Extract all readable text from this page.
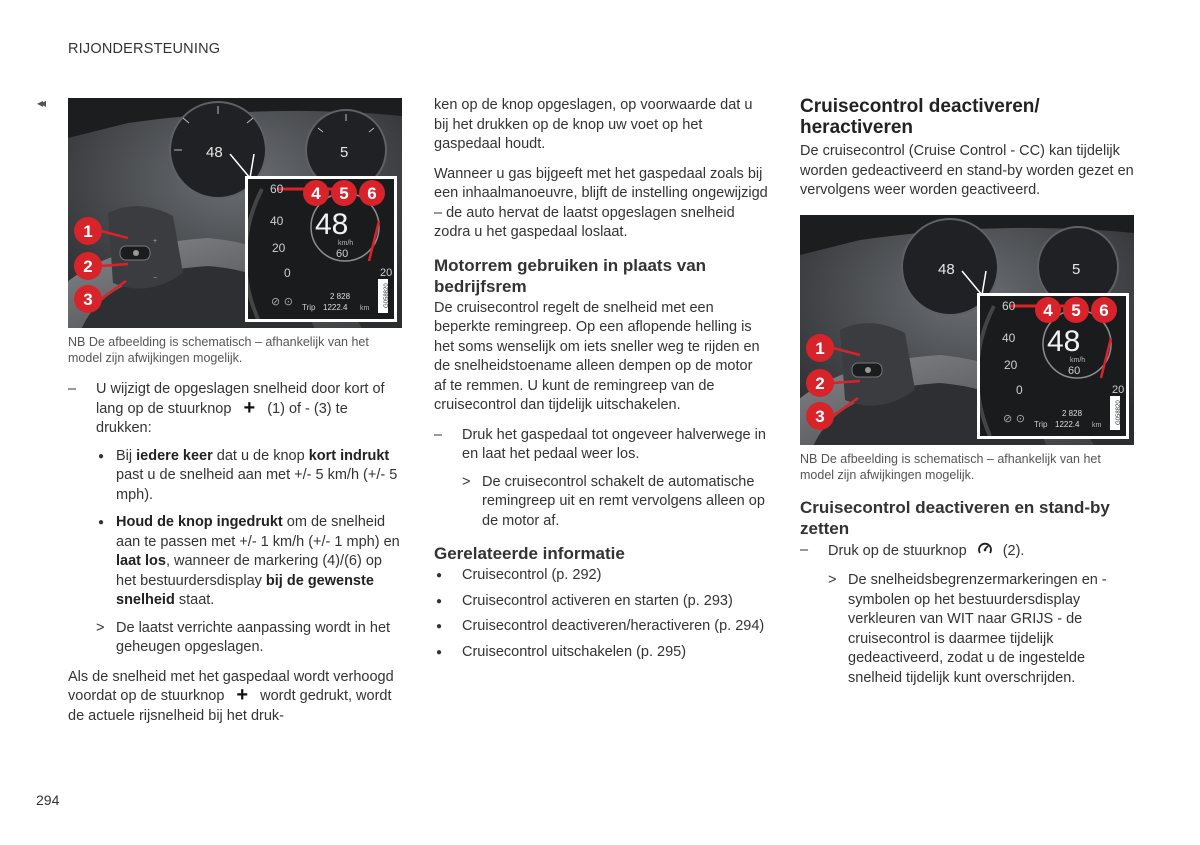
RIJONDERSTEUNING
◂◂
48	5
+
−
60
40
20
0	20
48
km/h
60
⊘ ⊙ Trip
2 828
1222.4 km
G058820
1
2
3
4 5 6
NB De afbeelding is schematisch – afhankelijk van het model zijn afwijkingen mogelijk.
– U wijzigt de opgeslagen snelheid door kort of lang op de stuurknop + (1) of - (3) te drukken:
● Bij iedere keer dat u de knop kort indrukt past u de snelheid aan met +/- 5 km/h (+/- 5 mph).
● Houd de knop ingedrukt om de snelheid aan te passen met +/- 1 km/h (+/- 1 mph) en laat los, wanneer de markering (4)/(6) op het bestuurdersdisplay bij de gewenste snelheid staat.
> De laatst verrichte aanpassing wordt in het geheugen opgeslagen.

Als de snelheid met het gaspedaal wordt verhoogd voordat op de stuurknop + wordt gedrukt, wordt de actuele rijsnelheid bij het druk-

ken op de knop opgeslagen, op voorwaarde dat u bij het drukken op de knop uw voet op het gaspedaal houdt.

Wanneer u gas bijgeeft met het gaspedaal zoals bij een inhaalmanoeuvre, blijft de instelling ongewijzigd – de auto hervat de laatst opgeslagen snelheid zodra u het gaspedaal loslaat.

Motorrem gebruiken in plaats van bedrijfsrem

De cruisecontrol regelt de snelheid met een beperkte remingreep. Op een aflopende helling is het soms wenselijk om iets sneller weg te rijden en de snelheidstoename alleen dempen op de motor af te remmen. U kunt de remingreep van de cruisecontrol dan tijdelijk uitschakelen.

– Druk het gaspedaal tot ongeveer halverwege in en laat het pedaal weer los.
> De cruisecontrol schakelt de automatische remingreep uit en remt vervolgens alleen op de motor af.
Gerelateerde informatie
● Cruisecontrol (p. 292)
● Cruisecontrol activeren en starten (p. 293)
● Cruisecontrol deactiveren/heractiveren (p. 294)
● Cruisecontrol uitschakelen (p. 295)
Cruisecontrol deactiveren/ heractiveren

De cruisecontrol (Cruise Control - CC) kan tijdelijk worden gedeactiveerd en stand-by worden gezet en vervolgens weer worden geactiveerd.

48	5
60
40
20
0	20
48
km/h
60
⊘ ⊙ Trip
2 828
1222.4 km
G058820
1
2
3
4 5 6
NB De afbeelding is schematisch – afhankelijk van het model zijn afwijkingen mogelijk.
Cruisecontrol deactiveren en stand-by zetten
– Druk op de stuurknop (2).
> De snelheidsbegrenzermarkeringen en -symbolen op het bestuurdersdisplay verkleuren van WIT naar GRIJS - de cruisecontrol is daarmee tijdelijk gedeactiveerd, zodat u de ingestelde snelheid tijdelijk kunt overschrijden.
294
